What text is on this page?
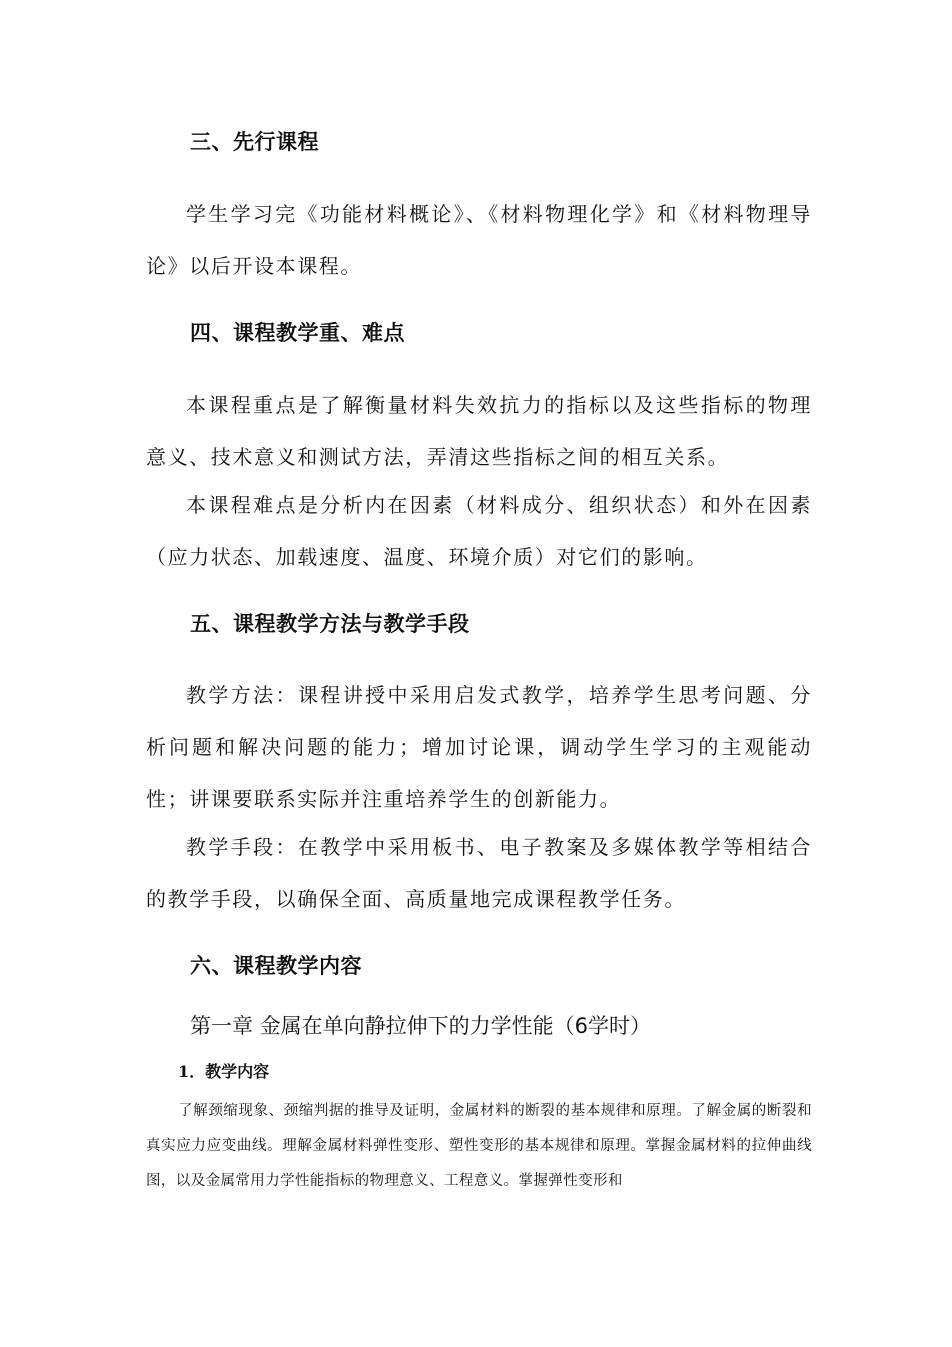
三、先行课程

学生学习完《功能材料概论》、《材料物理化学》和《材料物理导论》以后开设本课程。

四、课程教学重、难点

本课程重点是了解衡量材料失效抗力的指标以及这些指标的物理意义、技术意义和测试方法，弄清这些指标之间的相互关系。

本课程难点是分析内在因素（材料成分、组织状态）和外在因素（应力状态、加载速度、温度、环境介质）对它们的影响。

五、课程教学方法与教学手段

教学方法：课程讲授中采用启发式教学，培养学生思考问题、分析问题和解决问题的能力；增加讨论课，调动学生学习的主观能动性；讲课要联系实际并注重培养学生的创新能力。

教学手段：在教学中采用板书、电子教案及多媒体教学等相结合的教学手段，以确保全面、高质量地完成课程教学任务。

六、课程教学内容
第一章 金属在单向静拉伸下的力学性能（6学时）
1．教学内容

了解颈缩现象、颈缩判据的推导及证明，金属材料的断裂的基本规律和原理。了解金属的断裂和真实应力应变曲线。理解金属材料弹性变形、塑性变形的基本规律和原理。掌握金属材料的拉伸曲线图，以及金属常用力学性能指标的物理意义、工程意义。掌握弹性变形和
